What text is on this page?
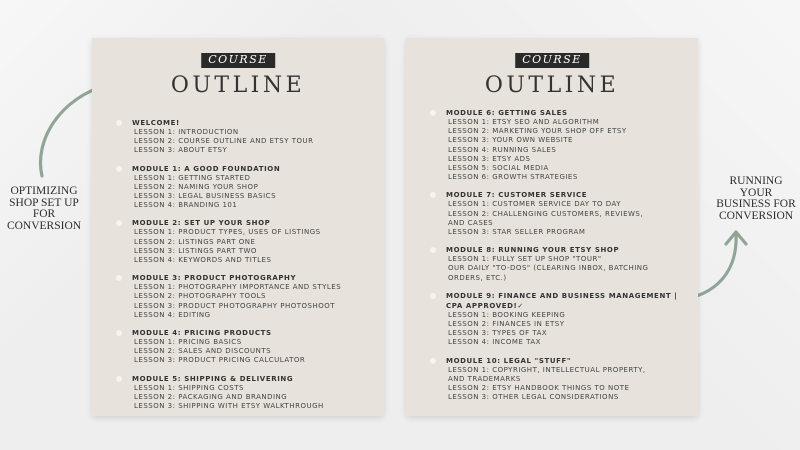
OPTIMIZING
SHOP SET UP
FOR
CONVERSION
RUNNING
YOUR
BUSINESS FOR
CONVERSION
COURSE
OUTLINE
WELCOME!
LESSON 1: INTRODUCTION
LESSON 2: COURSE OUTLINE AND ETSY TOUR
LESSON 3: ABOUT ETSY
MODULE 1: A GOOD FOUNDATION
LESSON 1: GETTING STARTED
LESSON 2: NAMING YOUR SHOP
LESSON 3: LEGAL BUSINESS BASICS
LESSON 4: BRANDING 101
MODULE 2: SET UP YOUR SHOP
LESSON 1: PRODUCT TYPES, USES OF LISTINGS
LESSON 2: LISTINGS PART ONE
LESSON 3: LISTINGS PART TWO
LESSON 4: KEYWORDS AND TITLES
MODULE 3: PRODUCT PHOTOGRAPHY
LESSON 1: PHOTOGRAPHY IMPORTANCE AND STYLES
LESSON 2: PHOTOGRAPHY TOOLS
LESSON 3: PRODUCT PHOTOGRAPHY PHOTOSHOOT
LESSON 4: EDITING
MODULE 4: PRICING PRODUCTS
LESSON 1: PRICING BASICS
LESSON 2: SALES AND DISCOUNTS
LESSON 3: PRODUCT PRICING CALCULATOR
MODULE 5: SHIPPING & DELIVERING
LESSON 1: SHIPPING COSTS
LESSON 2: PACKAGING AND BRANDING
LESSON 3: SHIPPING WITH ETSY WALKTHROUGH
COURSE
OUTLINE
MODULE 6: GETTING SALES
LESSON 1: ETSY SEO AND ALGORITHM
LESSON 2: MARKETING YOUR SHOP OFF ETSY
LESSON 3: YOUR OWN WEBSITE
LESSON 4: RUNNING SALES
LESSON 3: ETSY ADS
LESSON 5: SOCIAL MEDIA
LESSON 6: GROWTH STRATEGIES
MODULE 7: CUSTOMER SERVICE
LESSON 1: CUSTOMER SERVICE DAY TO DAY
LESSON 2: CHALLENGING CUSTOMERS, REVIEWS,
AND CASES
LESSON 3: STAR SELLER PROGRAM
MODULE 8: RUNNING YOUR ETSY SHOP
LESSON 1: FULLY SET UP SHOP "TOUR"
OUR DAILY "TO-DOS" (CLEARING INBOX, BATCHING
ORDERS, ETC.)
MODULE 9: FINANCE AND BUSINESS MANAGEMENT | CPA APPROVED!✓
LESSON 1: BOOKING KEEPING
LESSON 2: FINANCES IN ETSY
LESSON 3: TYPES OF TAX
LESSON 4: INCOME TAX
MODULE 10: LEGAL "STUFF"
LESSON 1: COPYRIGHT, INTELLECTUAL PROPERTY,
AND TRADEMARKS
LESSON 2: ETSY HANDBOOK THINGS TO NOTE
LESSON 3: OTHER LEGAL CONSIDERATIONS
